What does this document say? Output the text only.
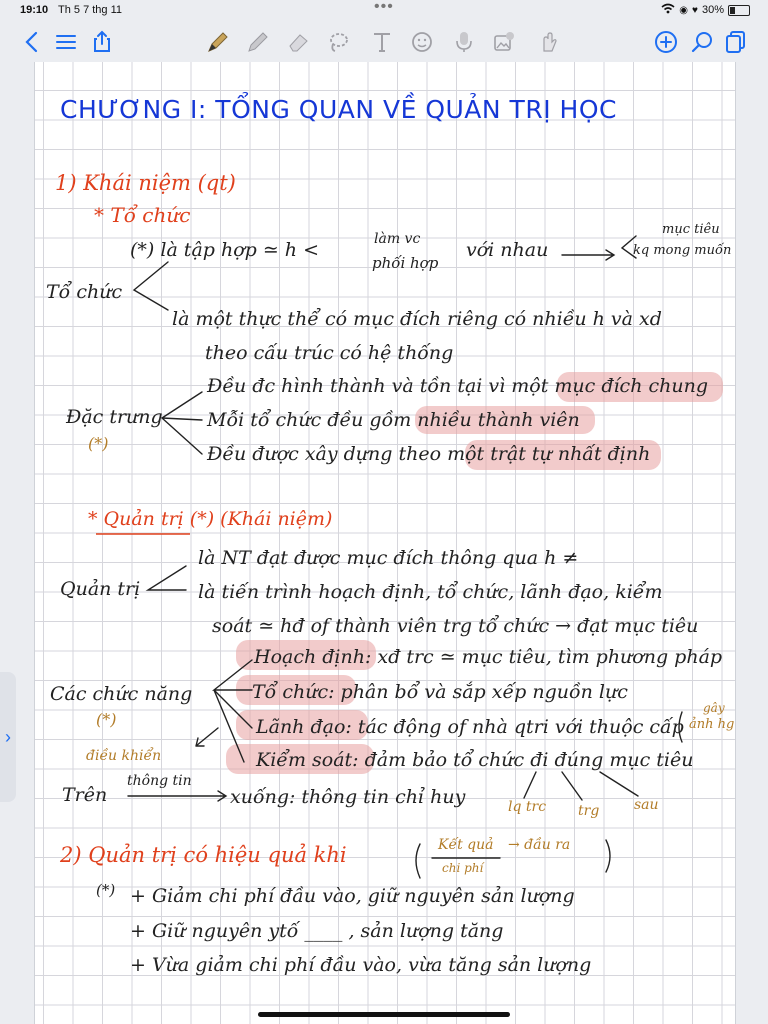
19:10 Th 5 7 thg 11	•••	◉ ♥ 30%
CHƯƠNG I: TỔNG QUAN VỀ QUẢN TRỊ HỌC
1) Khái niệm (qt)
* Tổ chức
Tổ chức
(*) là tập hợp ≃ h <	làm vc
phối hợp
với nhau
mục tiêu
kq mong muốn
là một thực thể có mục đích riêng có nhiều h và xd
theo cấu trúc có hệ thống
Đặc trưng
(*)
Đều đc hình thành và tồn tại vì một mục đích chung
Mỗi tổ chức đều gồm nhiều thành viên
Đều được xây dựng theo một trật tự nhất định
* Quản trị (*) (Khái niệm)
Quản trị
là NT đạt được mục đích thông qua h ≠
là tiến trình hoạch định, tổ chức, lãnh đạo, kiểm
soát ≃ hđ of thành viên trg tổ chức → đạt mục tiêu
Các chức năng
(*)
Hoạch định: xđ trc ≃ mục tiêu, tìm phương pháp
Tổ chức: phân bổ và sắp xếp nguồn lực
Lãnh đạo: tác động of nhà qtri với thuộc cấp
gây
ảnh hg
Kiểm soát: đảm bảo tổ chức đi đúng mục tiêu
điều khiển
Trên
thông tin
xuống: thông tin chỉ huy	lq trc trg sau
2) Quản trị có hiệu quả khi	Kết quả → đầu ra
chi phí
(*) + Giảm chi phí đầu vào, giữ nguyên sản lượng
+ Giữ nguyên ytố ____ , sản lượng tăng
+ Vừa giảm chi phí đầu vào, vừa tăng sản lượng
›
